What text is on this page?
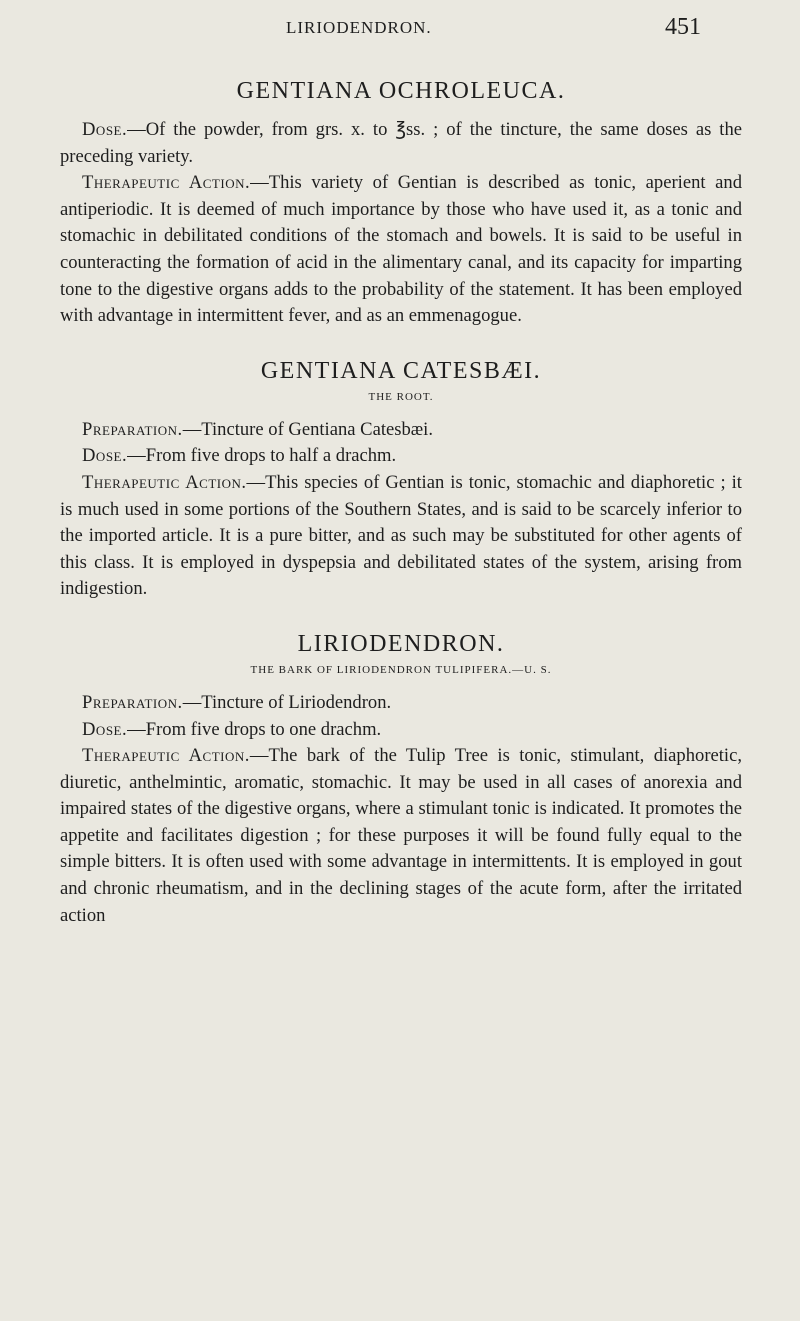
LIRIODENDRON.	451
GENTIANA OCHROLEUCA.

Dose.—Of the powder, from grs. x. to ℥ss. ; of the tincture, the same doses as the preceding variety.

Therapeutic Action.—This variety of Gentian is described as tonic, aperient and antiperiodic. It is deemed of much importance by those who have used it, as a tonic and stomachic in debilitated conditions of the stomach and bowels. It is said to be useful in counteracting the formation of acid in the alimentary canal, and its capacity for imparting tone to the digestive organs adds to the probability of the statement. It has been employed with advantage in intermittent fever, and as an emmenagogue.

GENTIANA CATESBÆI.
THE ROOT.

Preparation.—Tincture of Gentiana Catesbæi.

Dose.—From five drops to half a drachm.

Therapeutic Action.—This species of Gentian is tonic, stomachic and diaphoretic ; it is much used in some portions of the Southern States, and is said to be scarcely inferior to the imported article. It is a pure bitter, and as such may be substituted for other agents of this class. It is employed in dyspepsia and debilitated states of the system, arising from indigestion.

LIRIODENDRON.
THE BARK OF LIRIODENDRON TULIPIFERA.—U. S.

Preparation.—Tincture of Liriodendron.

Dose.—From five drops to one drachm.

Therapeutic Action.—The bark of the Tulip Tree is tonic, stimulant, diaphoretic, diuretic, anthelmintic, aromatic, stomachic. It may be used in all cases of anorexia and impaired states of the digestive organs, where a stimulant tonic is indicated. It promotes the appetite and facilitates digestion ; for these purposes it will be found fully equal to the simple bitters. It is often used with some advantage in intermittents. It is employed in gout and chronic rheumatism, and in the declining stages of the acute form, after the irritated action
